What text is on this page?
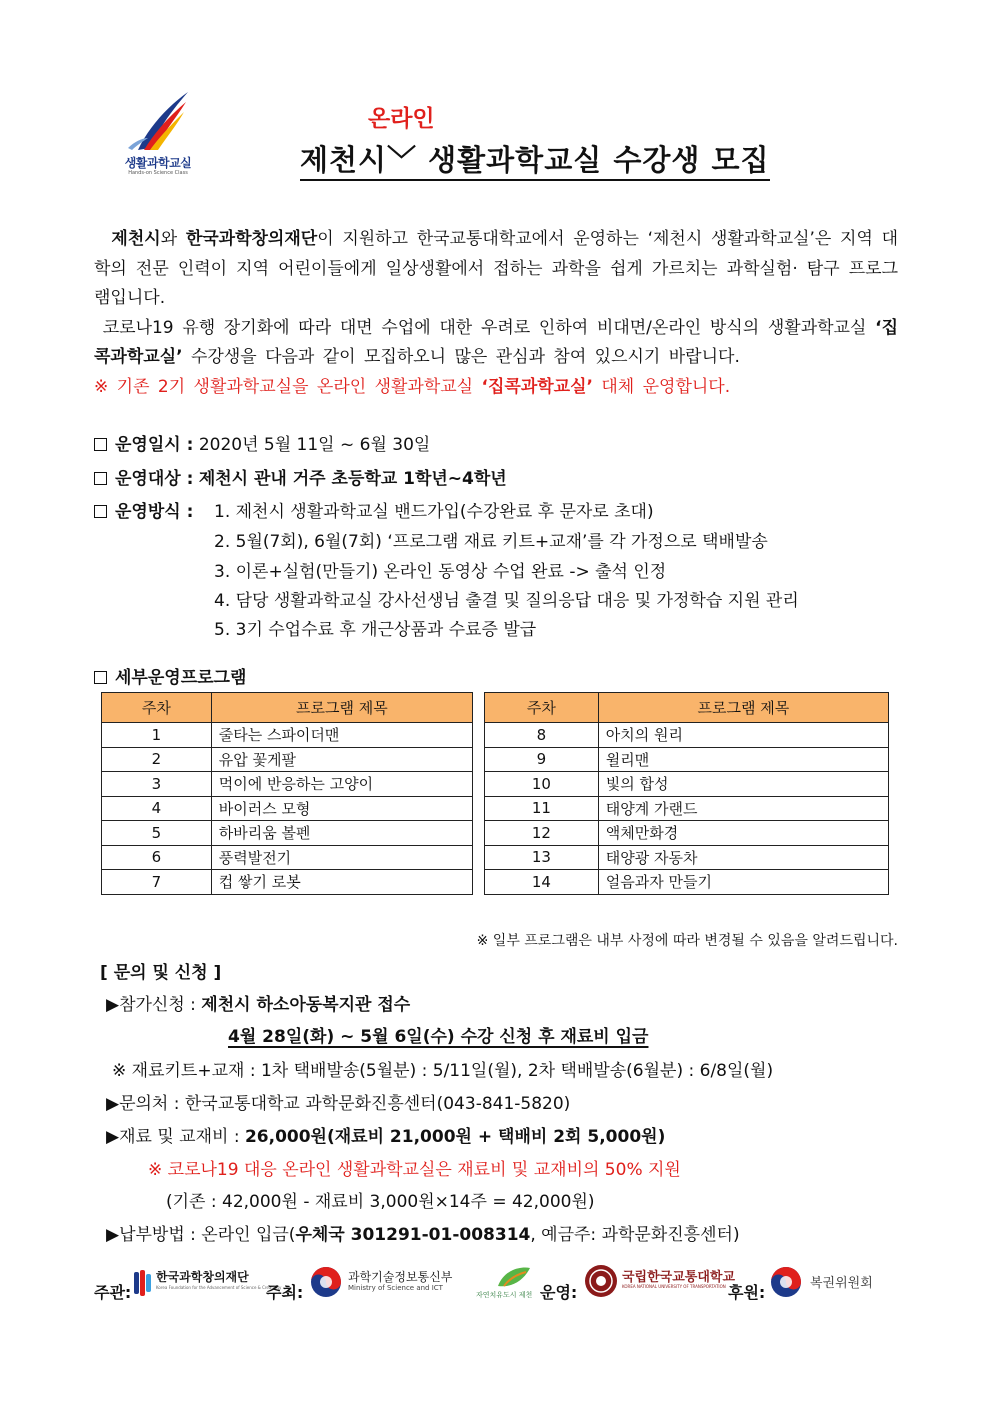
생활과학교실
Hands-on Science Class
온라인
제천시﹀ 생활과학교실 수강생 모집

제천시와 한국과학창의재단이 지원하고 한국교통대학교에서 운영하는 ‘제천시 생활과학교실’은 지역 대학의 전문 인력이 지역 어린이들에게 일상생활에서 접하는 과학을 쉽게 가르치는 과학실험· 탐구 프로그램입니다.

코로나19 유행 장기화에 따라 대면 수업에 대한 우려로 인하여 비대면/온라인 방식의 생활과학교실 ‘집콕과학교실’ 수강생을 다음과 같이 모집하오니 많은 관심과 참여 있으시기 바랍니다.

※ 기존 2기 생활과학교실을 온라인 생활과학교실 ‘집콕과학교실’ 대체 운영합니다.

운영일시 : 2020년 5월 11일 ~ 6월 30일
운영대상 : 제천시 관내 거주 초등학교 1학년~4학년
운영방식 : 1. 제천시 생활과학교실 밴드가입(수강완료 후 문자로 초대)
2. 5월(7회), 6월(7회) ‘프로그램 재료 키트+교재’를 각 가정으로 택배발송
3. 이론+실험(만들기) 온라인 동영상 수업 완료 -> 출석 인정
4. 담당 생활과학교실 강사선생님 출결 및 질의응답 대응 및 가정학습 지원 관리
5. 3기 수업수료 후 개근상품과 수료증 발급
세부운영프로그램
주차	프로그램 제목
1	줄타는 스파이더맨
2	유압 꽃게팔
3	먹이에 반응하는 고양이
4	바이러스 모형
5	하바리움 볼펜
6	풍력발전기
7	컵 쌓기 로봇
주차	프로그램 제목
8	아치의 원리
9	윌리맨
10	빛의 합성
11	태양계 가랜드
12	액체만화경
13	태양광 자동차
14	얼음과자 만들기
※ 일부 프로그램은 내부 사정에 따라 변경될 수 있음을 알려드립니다.
[ 문의 및 신청 ]
▶참가신청 : 제천시 하소아동복지관 접수
4월 28일(화) ~ 5월 6일(수) 수강 신청 후 재료비 입금
※ 재료키트+교재 : 1차 택배발송(5월분) : 5/11일(월), 2차 택배발송(6월분) : 6/8일(월)
▶문의처 : 한국교통대학교 과학문화진흥센터(043-841-5820)
▶재료 및 교재비 : 26,000원(재료비 21,000원 + 택배비 2회 5,000원)
※ 코로나19 대응 온라인 생활과학교실은 재료비 및 교재비의 50% 지원
(기존 : 42,000원 - 재료비 3,000원×14주 = 42,000원)
▶납부방법 : 온라인 입금(우체국 301291-01-008314, 예금주: 과학문화진흥센터)
주관:
한국과학창의재단
Korea Foundation for the Advancement of Science & Creativity
주최:
과학기술정보통신부
Ministry of Science and ICT
자연치유도시 제천 운영:
국립한국교통대학교
KOREA NATIONAL UNIVERSITY OF TRANSPORTATION 후원:	복권위원회
